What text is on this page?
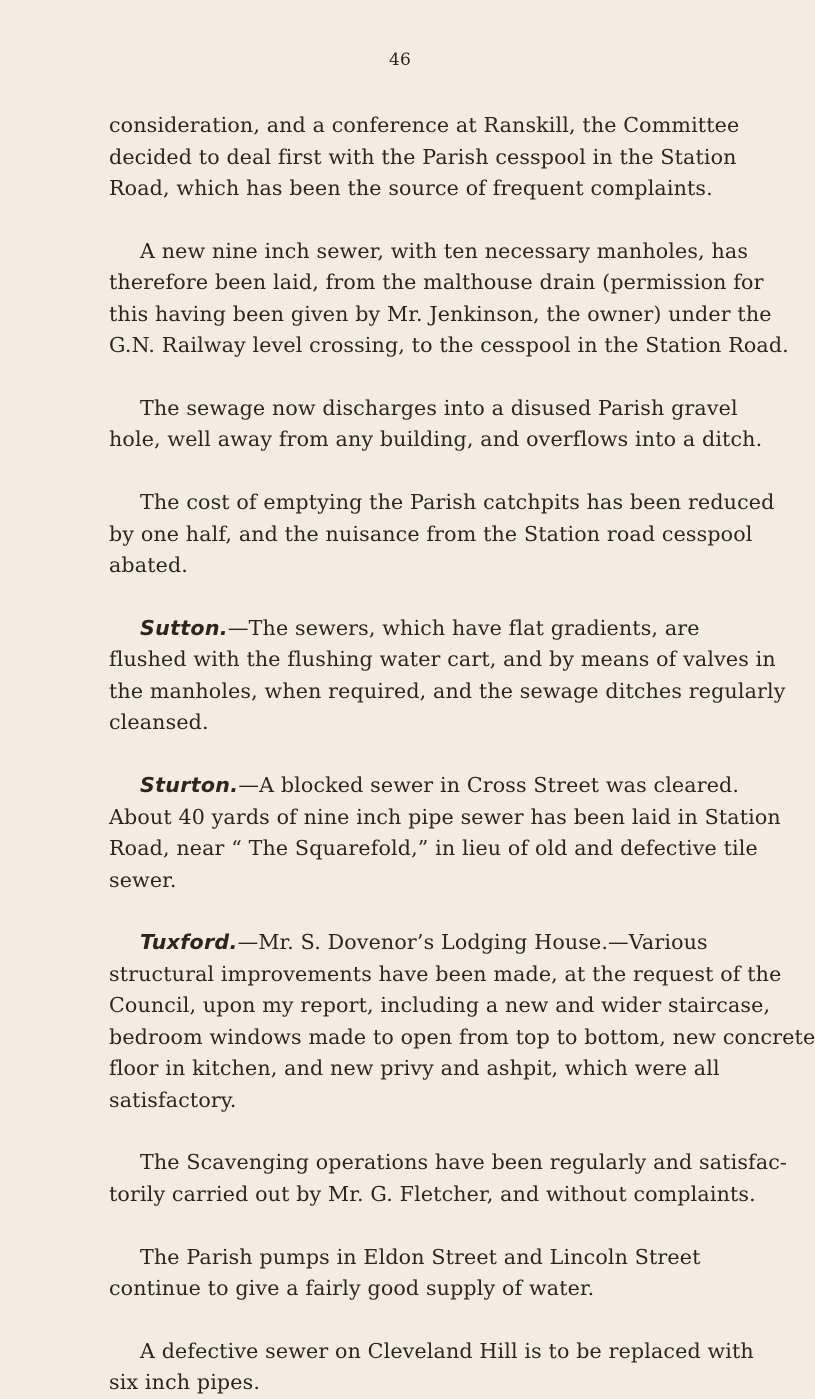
46
consideration, and a conference at Ranskill, the Committee
decided to deal first with the Parish cesspool in the Station
Road, which has been the source of frequent complaints.
A new nine inch sewer, with ten necessary manholes, has
therefore been laid, from the malthouse drain (permission for
this having been given by Mr. Jenkinson, the owner) under the
G.N. Railway level crossing, to the cesspool in the Station Road.
The sewage now discharges into a disused Parish gravel
hole, well away from any building, and overflows into a ditch.
The cost of emptying the Parish catchpits has been reduced
by one half, and the nuisance from the Station road cesspool
abated.
Sutton.—The sewers, which have flat gradients, are
flushed with the flushing water cart, and by means of valves in
the manholes, when required, and the sewage ditches regularly
cleansed.
Sturton.—A blocked sewer in Cross Street was cleared.
About 40 yards of nine inch pipe sewer has been laid in Station
Road, near “ The Squarefold,” in lieu of old and defective tile
sewer.
Tuxford.—Mr. S. Dovenor’s Lodging House.—Various
structural improvements have been made, at the request of the
Council, upon my report, including a new and wider staircase,
bedroom windows made to open from top to bottom, new concrete
floor in kitchen, and new privy and ashpit, which were all
satisfactory.
The Scavenging operations have been regularly and satisfac-
torily carried out by Mr. G. Fletcher, and without complaints.
The Parish pumps in Eldon Street and Lincoln Street
continue to give a fairly good supply of water.
A defective sewer on Cleveland Hill is to be replaced with
six inch pipes.
